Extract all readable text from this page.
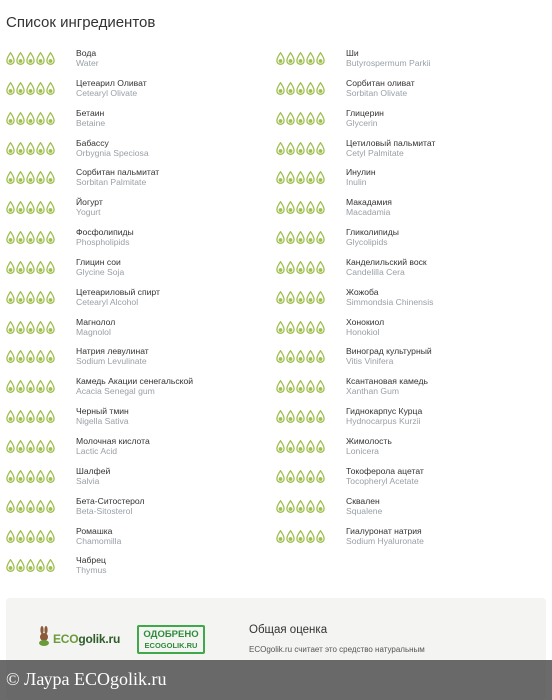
Список ингредиентов
Вода
Water
Цетеарил Оливат
Cetearyl Olivate
Бетаин
Betaine
Бабассу
Orbygnia Speciosa
Сорбитан пальмитат
Sorbitan Palmitate
Йогурт
Yogurt
Фосфолипиды
Phospholipids
Глицин сои
Glycine Soja
Цетеариловый спирт
Cetearyl Alcohol
Магнолол
Magnolol
Натрия левулинат
Sodium Levulinate
Камедь Акации сенегальской
Acacia Senegal gum
Черный тмин
Nigella Sativa
Молочная кислота
Lactic Acid
Шалфей
Salvia
Бета-Ситостерол
Beta-Sitosterol
Ромашка
Chamomilla
Чабрец
Thymus
Ши
Butyrospermum Parkii
Сорбитан оливат
Sorbitan Olivate
Глицерин
Glycerin
Цетиловый пальмитат
Cetyl Palmitate
Инулин
Inulin
Макадамия
Macadamia
Гликолипиды
Glycolipids
Канделильский воск
Candelilla Cera
Жожоба
Simmondsia Chinensis
Хонокиол
Honokiol
Виноград культурный
Vitis Vinifera
Ксантановая камедь
Xanthan Gum
Гиднокарпус Курца
Hydnocarpus Kurzii
Жимолость
Lonicera
Токоферола ацетат
Tocopheryl Acetate
Сквален
Squalene
Гиалуронат натрия
Sodium Hyaluronate
ECOgolik.ru	ОДОБРЕНО
ECOGOLIK.RU
Общая оценка
ECOgolik.ru считает это средство натуральным
© Лаура ECOgolik.ru
